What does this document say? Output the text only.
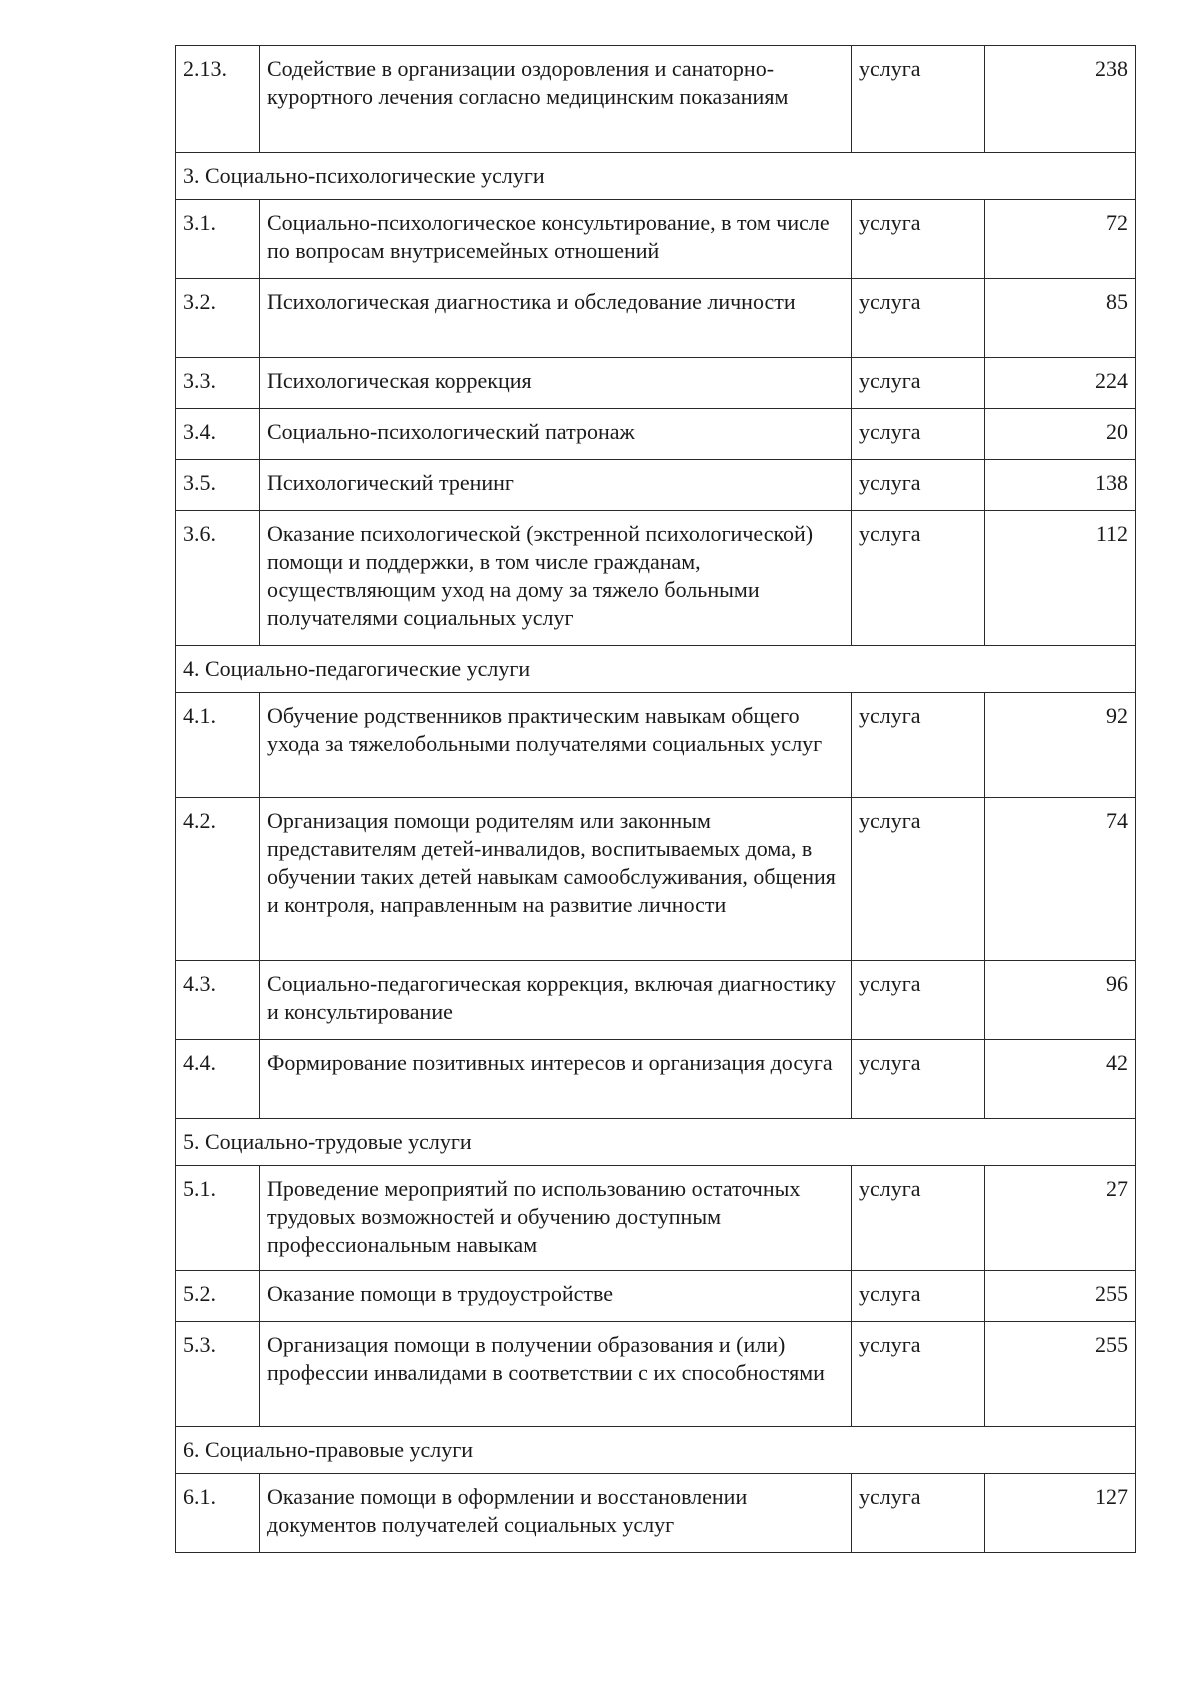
2.13.	Содействие в организации оздоровления и санаторно-курортного лечения согласно медицинским показаниям	услуга	238
3. Социально-психологические услуги			
3.1.	Социально-психологическое консультирование, в том числе по вопросам внутрисемейных отношений	услуга	72
3.2.	Психологическая диагностика и обследование личности	услуга	85
3.3.	Психологическая коррекция	услуга	224
3.4.	Социально-психологический патронаж	услуга	20
3.5.	Психологический тренинг	услуга	138
3.6.	Оказание психологической (экстренной психологической) помощи и поддержки, в том числе гражданам, осуществляющим уход на дому за тяжело больными получателями социальных услуг	услуга	112
4. Социально-педагогические услуги			
4.1.	Обучение родственников практическим навыкам общего ухода за тяжелобольными получателями социальных услуг	услуга	92
4.2.	Организация помощи родителям или законным представителям детей-инвалидов, воспитываемых дома, в обучении таких детей навыкам самообслуживания, общения и контроля, направленным на развитие личности	услуга	74
4.3.	Социально-педагогическая коррекция, включая диагностику и консультирование	услуга	96
4.4.	Формирование позитивных интересов и организация досуга	услуга	42
5. Социально-трудовые услуги			
5.1.	Проведение мероприятий по использованию остаточных трудовых возможностей и обучению доступным профессиональным навыкам	услуга	27
5.2.	Оказание помощи в трудоустройстве	услуга	255
5.3.	Организация помощи в получении образования и (или) профессии инвалидами в соответствии с их способностями	услуга	255
6. Социально-правовые услуги			
6.1.	Оказание помощи в оформлении и восстановлении документов получателей социальных услуг	услуга	127
